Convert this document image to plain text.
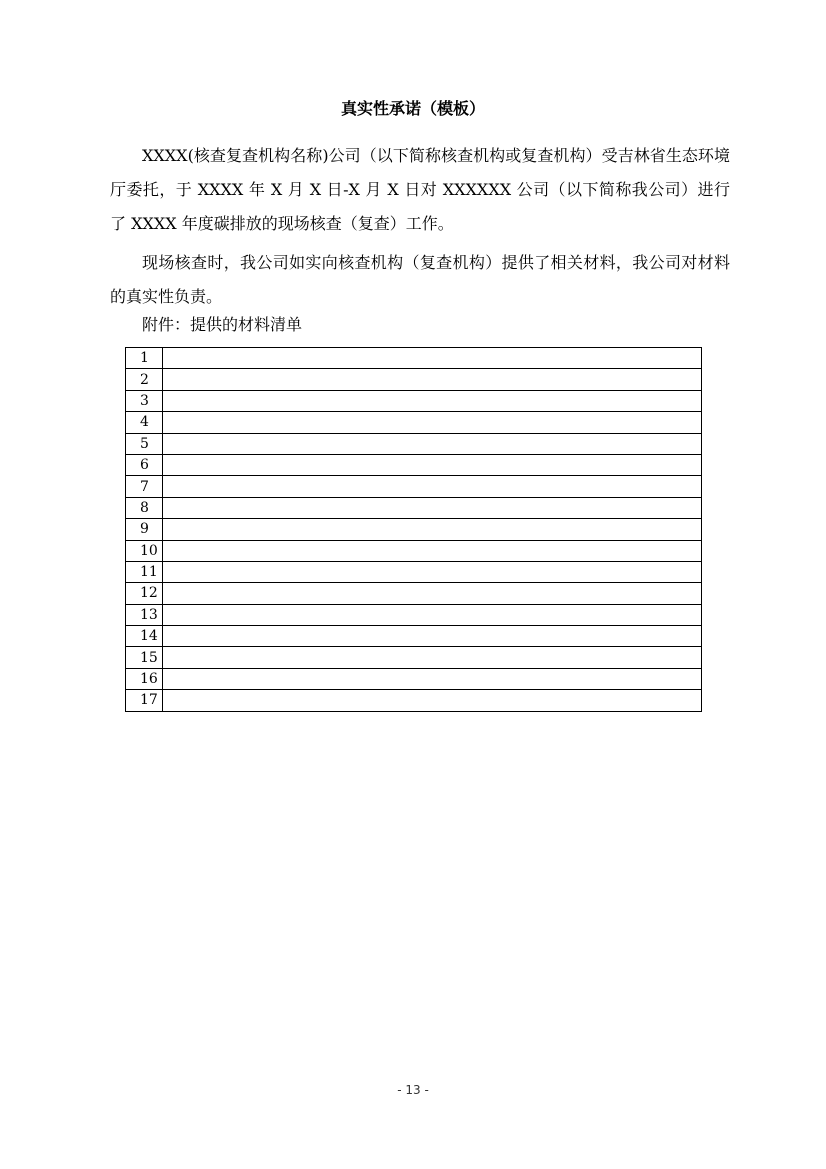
真实性承诺（模板）

XXXX(核查复查机构名称)公司（以下简称核查机构或复查机构）受吉林省生态环境厅委托，于 XXXX 年 X 月 X 日-X 月 X 日对 XXXXXX 公司（以下简称我公司）进行了 XXXX 年度碳排放的现场核查（复查）工作。

现场核查时，我公司如实向核查机构（复查机构）提供了相关材料，我公司对材料的真实性负责。

附件：提供的材料清单

1	
2	
3	
4	
5	
6	
7	
8	
9	
10	
11	
12	
13	
14	
15	
16	
17	

- 13 -
